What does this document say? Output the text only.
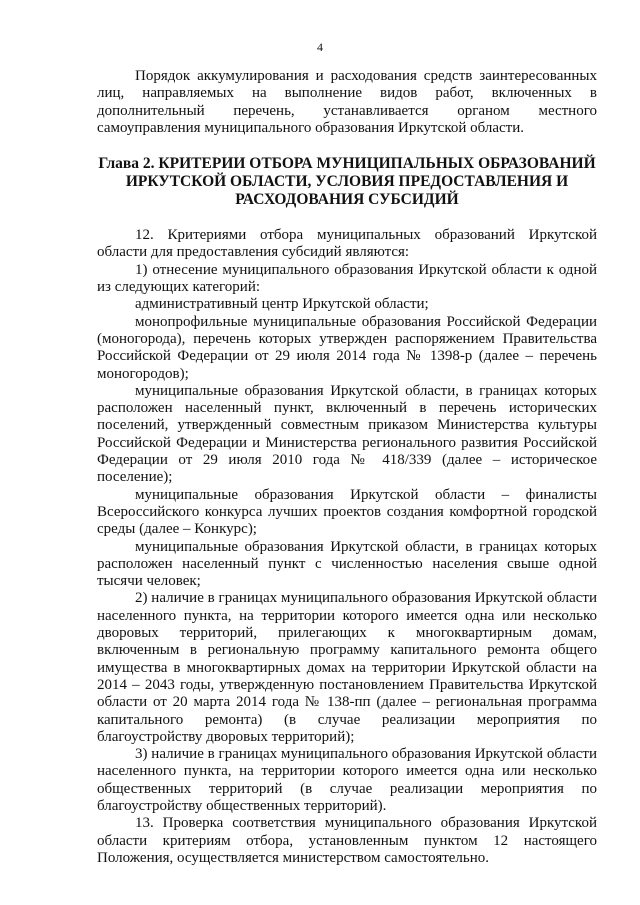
4

Порядок аккумулирования и расходования средств заинтересованных лиц, направляемых на выполнение видов работ, включенных в дополнительный перечень, устанавливается органом местного самоуправления муниципального образования Иркутской области.

Глава 2. КРИТЕРИИ ОТБОРА МУНИЦИПАЛЬНЫХ ОБРАЗОВАНИЙ
ИРКУТСКОЙ ОБЛАСТИ, УСЛОВИЯ ПРЕДОСТАВЛЕНИЯ И
РАСХОДОВАНИЯ СУБСИДИЙ

12. Критериями отбора муниципальных образований Иркутской области для предоставления субсидий являются:

1) отнесение муниципального образования Иркутской области к одной из следующих категорий:

административный центр Иркутской области;

монопрофильные муниципальные образования Российской Федерации (моногорода), перечень которых утвержден распоряжением Правительства Российской Федерации от 29 июля 2014 года № 1398-р (далее – перечень моногородов);

муниципальные образования Иркутской области, в границах которых расположен населенный пункт, включенный в перечень исторических поселений, утвержденный совместным приказом Министерства культуры Российской Федерации и Министерства регионального развития Российской Федерации от 29 июля 2010 года № 418/339 (далее – историческое поселение);

муниципальные образования Иркутской области – финалисты Всероссийского конкурса лучших проектов создания комфортной городской среды (далее – Конкурс);

муниципальные образования Иркутской области, в границах которых расположен населенный пункт с численностью населения свыше одной тысячи человек;

2) наличие в границах муниципального образования Иркутской области населенного пункта, на территории которого имеется одна или несколько дворовых территорий, прилегающих к многоквартирным домам, включенным в региональную программу капитального ремонта общего имущества в многоквартирных домах на территории Иркутской области на 2014 – 2043 годы, утвержденную постановлением Правительства Иркутской области от 20 марта 2014 года № 138-пп (далее – региональная программа капитального ремонта) (в случае реализации мероприятия по благоустройству дворовых территорий);

3) наличие в границах муниципального образования Иркутской области населенного пункта, на территории которого имеется одна или несколько общественных территорий (в случае реализации мероприятия по благоустройству общественных территорий).

13. Проверка соответствия муниципального образования Иркутской области критериям отбора, установленным пунктом 12 настоящего Положения, осуществляется министерством самостоятельно.
